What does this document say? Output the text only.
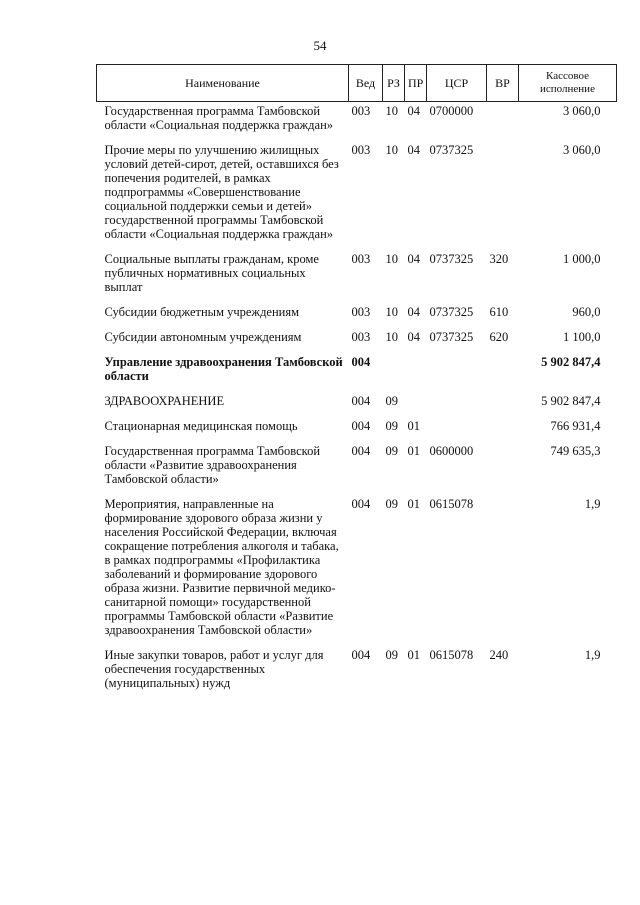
54
Наименование	Вед	РЗ	ПР	ЦСР	ВР	Кассовое исполнение
Государственная программа Тамбовской области «Социальная поддержка граждан»	003	10	04	0700000		3 060,0

Прочие меры по улучшению жилищных условий детей-сирот, детей, оставшихся без попечения родителей, в рамках подпрограммы «Совершенствование социальной поддержки семьи и детей» государственной программы Тамбовской области «Социальная поддержка граждан»	003	10	04	0737325		3 060,0

Социальные выплаты гражданам, кроме публичных нормативных социальных выплат	003	10	04	0737325	320	1 000,0

Субсидии бюджетным учреждениям	003	10	04	0737325	610	960,0

Субсидии автономным учреждениям	003	10	04	0737325	620	1 100,0

Управление здравоохранения Тамбовской области	004					5 902 847,4

ЗДРАВООХРАНЕНИЕ	004	09				5 902 847,4

Стационарная медицинская помощь	004	09	01			766 931,4

Государственная программа Тамбовской области «Развитие здравоохранения Тамбовской области»	004	09	01	0600000		749 635,3

Мероприятия, направленные на формирование здорового образа жизни у населения Российской Федерации, включая сокращение потребления алкоголя и табака, в рамках подпрограммы «Профилактика заболеваний и формирование здорового образа жизни. Развитие первичной медико-санитарной помощи» государственной программы Тамбовской области «Развитие здравоохранения Тамбовской области»	004	09	01	0615078		1,9

Иные закупки товаров, работ и услуг для обеспечения государственных (муниципальных) нужд	004	09	01	0615078	240	1,9
